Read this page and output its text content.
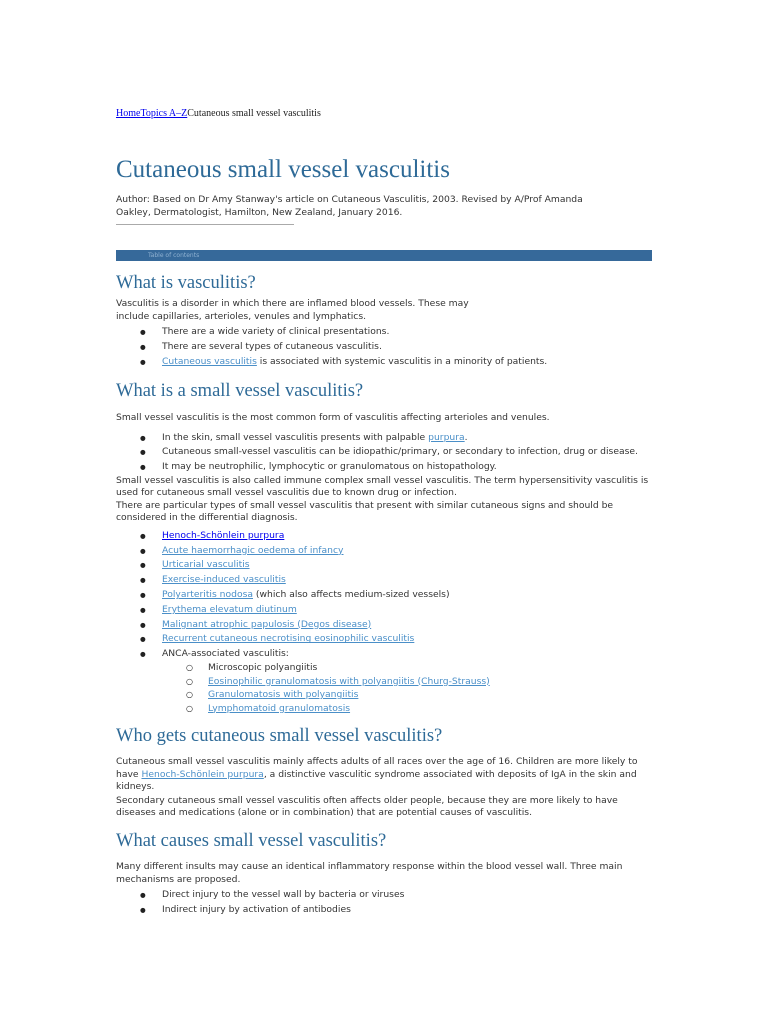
HomeTopics A–ZCutaneous small vessel vasculitis
Cutaneous small vessel vasculitis

Author: Based on Dr Amy Stanway's article on Cutaneous Vasculitis, 2003. Revised by A/Prof Amanda Oakley, Dermatologist, Hamilton, New Zealand, January 2016.

Table of contents
What is vasculitis?

Vasculitis is a disorder in which there are inflamed blood vessels. These may
include capillaries, arterioles, venules and lymphatics.

● There are a wide variety of clinical presentations.
● There are several types of cutaneous vasculitis.
● Cutaneous vasculitis is associated with systemic vasculitis in a minority of patients.
What is a small vessel vasculitis?

Small vessel vasculitis is the most common form of vasculitis affecting arterioles and venules.

● In the skin, small vessel vasculitis presents with palpable purpura.
● Cutaneous small-vessel vasculitis can be idiopathic/primary, or secondary to infection, drug or disease.
● It may be neutrophilic, lymphocytic or granulomatous on histopathology.

Small vessel vasculitis is also called immune complex small vessel vasculitis. The term hypersensitivity vasculitis is used for cutaneous small vessel vasculitis due to known drug or infection.

There are particular types of small vessel vasculitis that present with similar cutaneous signs and should be considered in the differential diagnosis.

● Henoch-Schönlein purpura
● Acute haemorrhagic oedema of infancy
● Urticarial vasculitis
● Exercise-induced vasculitis
● Polyarteritis nodosa (which also affects medium-sized vessels)
● Erythema elevatum diutinum
● Malignant atrophic papulosis (Degos disease)
● Recurrent cutaneous necrotising eosinophilic vasculitis
● ANCA-associated vasculitis:
○ Microscopic polyangiitis
○ Eosinophilic granulomatosis with polyangiitis (Churg-Strauss)
○ Granulomatosis with polyangiitis
○ Lymphomatoid granulomatosis
Who gets cutaneous small vessel vasculitis?

Cutaneous small vessel vasculitis mainly affects adults of all races over the age of 16. Children are more likely to have Henoch-Schönlein purpura, a distinctive vasculitic syndrome associated with deposits of IgA in the skin and kidneys.

Secondary cutaneous small vessel vasculitis often affects older people, because they are more likely to have diseases and medications (alone or in combination) that are potential causes of vasculitis.

What causes small vessel vasculitis?

Many different insults may cause an identical inflammatory response within the blood vessel wall. Three main mechanisms are proposed.

● Direct injury to the vessel wall by bacteria or viruses
● Indirect injury by activation of antibodies
